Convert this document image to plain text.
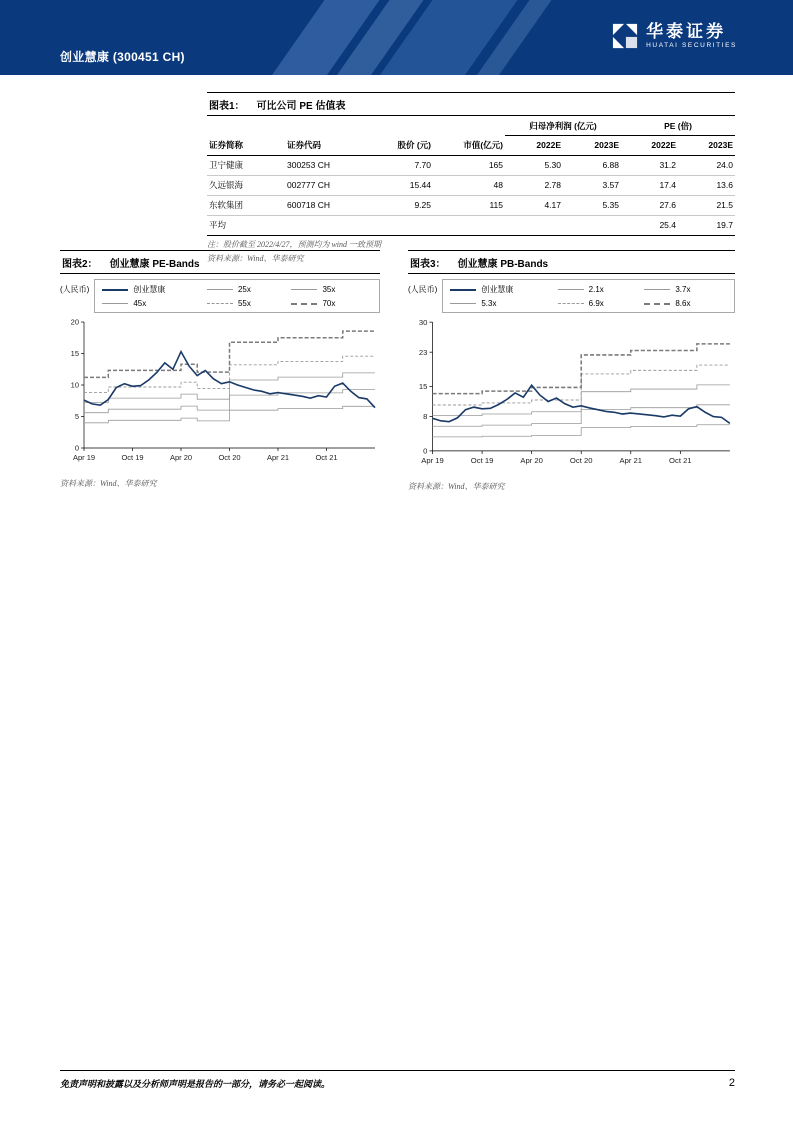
创业慧康 (300451 CH)
华泰证券
HUATAI SECURITIES
图表1： 可比公司 PE 估值表
				归母净利润 (亿元)		PE (倍)	
证券简称	证券代码	股价 (元)	市值(亿元)	2022E	2023E	2022E	2023E
卫宁健康	300253 CH	7.70	165	5.30	6.88	31.2	24.0
久远银海	002777 CH	15.44	48	2.78	3.57	17.4	13.6
东软集团	600718 CH	9.25	115	4.17	5.35	27.6	21.5
平均						25.4	19.7
注：股价截至 2022/4/27，预测均为 wind 一致预期
资料来源：Wind、华泰研究
图表2： 创业慧康 PE-Bands
(人民币)	创业慧康	25x	35x
45x	55x	70x
0
5
10
15
20
Apr 19	Oct 19	Apr 20	Oct 20	Apr 21	Oct 21
资料来源：Wind、华泰研究
图表3： 创业慧康 PB-Bands
(人民币)	创业慧康	2.1x	3.7x
5.3x	6.9x	8.6x
0
8
15
23
30
Apr 19	Oct 19	Apr 20	Oct 20	Apr 21	Oct 21
资料来源：Wind、华泰研究
免责声明和披露以及分析师声明是报告的一部分，请务必一起阅读。	2
